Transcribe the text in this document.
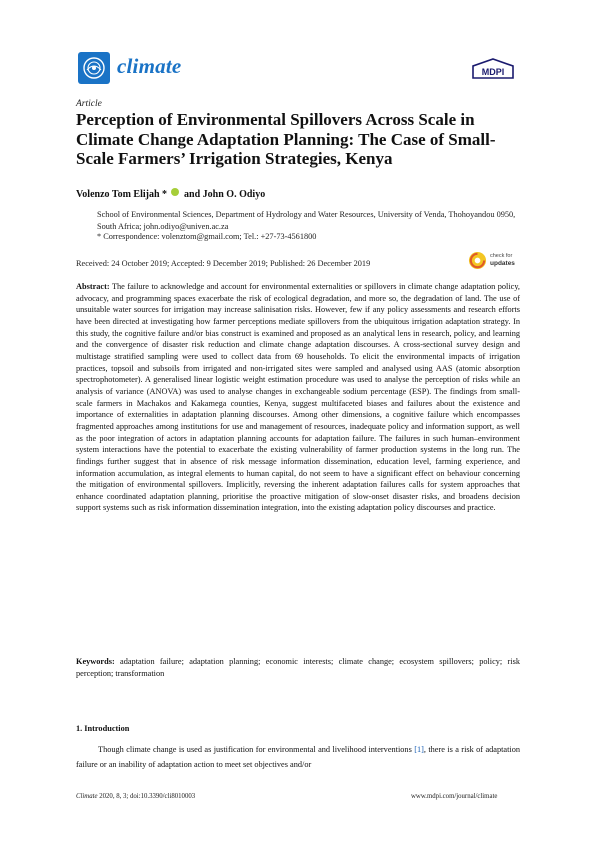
climate	MDPI
Article
Perception of Environmental Spillovers Across Scale in Climate Change Adaptation Planning: The Case of Small-Scale Farmers’ Irrigation Strategies, Kenya
Volenzo Tom Elijah * and John O. Odiyo
School of Environmental Sciences, Department of Hydrology and Water Resources, University of Venda, Thohoyandou 0950, South Africa; john.odiyo@univen.ac.za
* Correspondence: volenztom@gmail.com; Tel.: +27-73-4561800
Received: 24 October 2019; Accepted: 9 December 2019; Published: 26 December 2019
check for
updates
Abstract: The failure to acknowledge and account for environmental externalities or spillovers in climate change adaptation policy, advocacy, and programming spaces exacerbate the risk of ecological degradation, and more so, the degradation of land. The use of unsuitable water sources for irrigation may increase salinisation risks. However, few if any policy assessments and research efforts have been directed at investigating how farmer perceptions mediate spillovers from the ubiquitous irrigation adaptation strategy. In this study, the cognitive failure and/or bias construct is examined and proposed as an analytical lens in research, policy, and learning and the convergence of disaster risk reduction and climate change adaptation discourses. A cross-sectional survey design and multistage stratified sampling were used to collect data from 69 households. To elicit the environmental impacts of irrigation practices, topsoil and subsoils from irrigated and non-irrigated sites were sampled and analysed using AAS (atomic absorption spectrophotometer). A generalised linear logistic weight estimation procedure was used to analyse the perception of risks while an analysis of variance (ANOVA) was used to analyse changes in exchangeable sodium percentage (ESP). The findings from small-scale farmers in Machakos and Kakamega counties, Kenya, suggest multifaceted biases and failures about the existence and importance of externalities in adaptation planning discourses. Among other dimensions, a cognitive failure which encompasses fragmented approaches among institutions for use and management of resources, inadequate policy and information support, as well as the poor integration of actors in adaptation planning accounts for adaptation failure. The failures in such human–environment system interactions have the potential to exacerbate the existing vulnerability of farmer production systems in the long run. The findings further suggest that in absence of risk message information dissemination, education level, farming experience, and information accumulation, as integral elements to human capital, do not seem to have a significant effect on behaviour concerning the mitigation of environmental spillovers. Implicitly, reversing the inherent adaptation failures calls for system approaches that enhance coordinated adaptation planning, prioritise the proactive mitigation of slow-onset disaster risks, and broadens decision support systems such as risk information dissemination integration, into the existing adaptation policy discourses and practice.
Keywords: adaptation failure; adaptation planning; economic interests; climate change; ecosystem spillovers; policy; risk perception; transformation
1. Introduction
Though climate change is used as justification for environmental and livelihood interventions [1], there is a risk of adaptation failure or an inability of adaptation action to meet set objectives and/or
Climate 2020, 8, 3; doi:10.3390/cli8010003	www.mdpi.com/journal/climate
